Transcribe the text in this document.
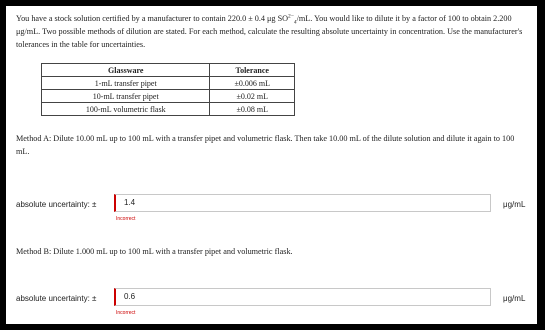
You have a stock solution certified by a manufacturer to contain 220.0 ± 0.4 μg $SO^{2-}_4/mL$. You would like to dilute it by a factor of 100 to obtain 2.200 μg/mL. Two possible methods of dilution are stated. For each method, calculate the resulting absolute uncertainty in concentration. Use the manufacturer's tolerances in the table for uncertainties.

Glassware	Tolerance
1-mL transfer pipet	±0.006 mL
10-mL transfer pipet	±0.02 mL
100-mL volumetric flask	±0.08 mL

Method A: Dilute 10.00 mL up to 100 mL with a transfer pipet and volumetric flask. Then take 10.00 mL of the dilute solution and dilute it again to 100 mL.

absolute uncertainty: ±	1.4	μg/mL
Incorrect

Method B: Dilute 1.000 mL up to 100 mL with a transfer pipet and volumetric flask.

absolute uncertainty: ±	0.6	μg/mL
Incorrect
